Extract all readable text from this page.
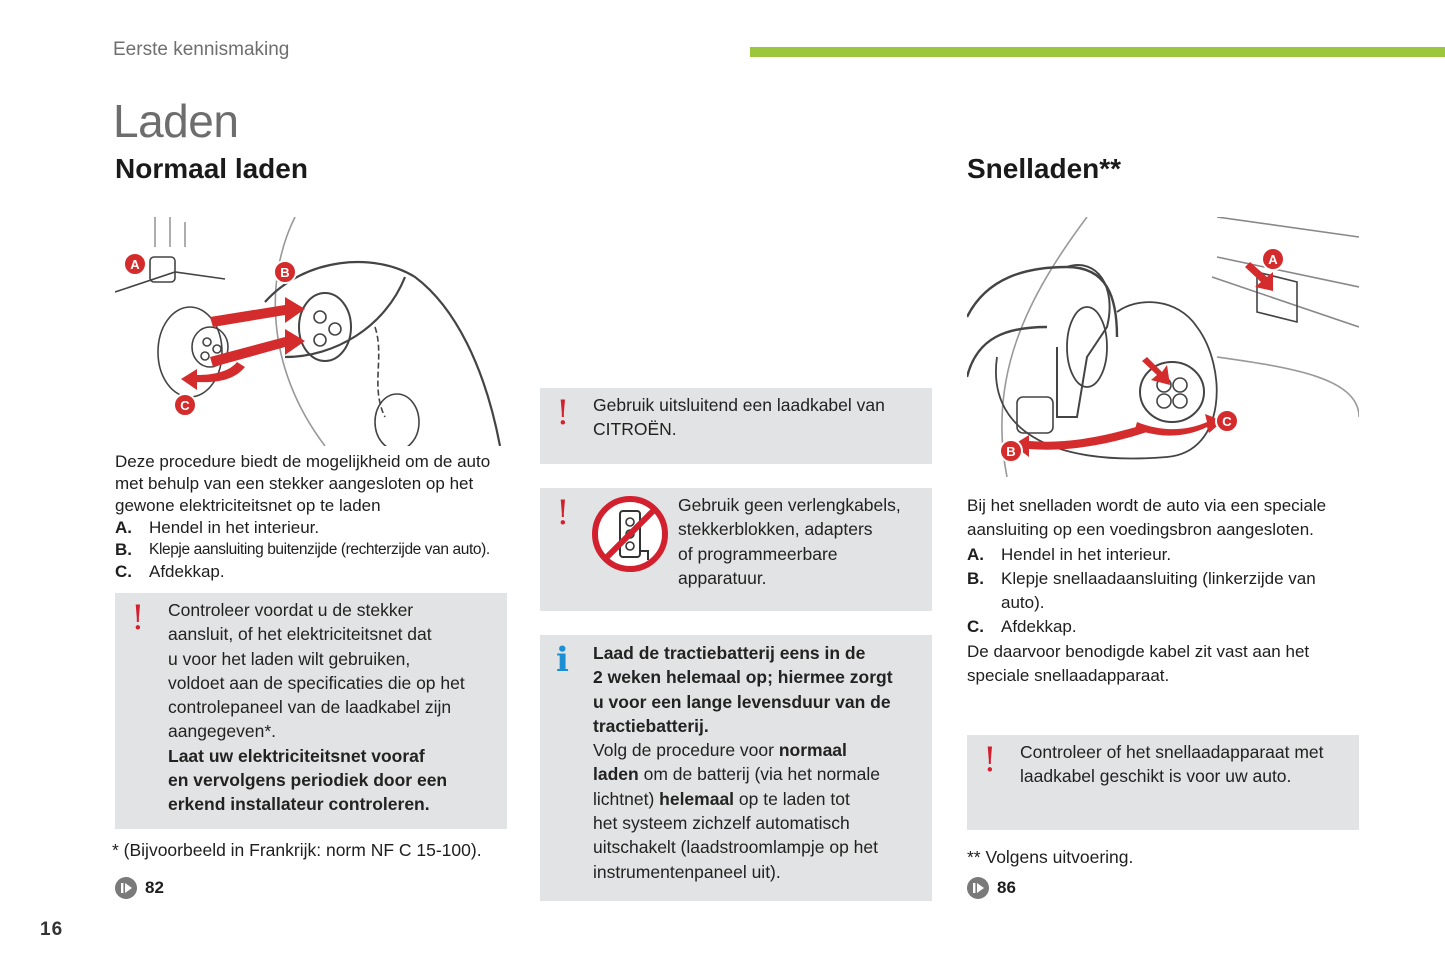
Eerste kennismaking
Laden
Normaal laden
A
B
C
Deze procedure biedt de mogelijkheid om de auto
met behulp van een stekker aangesloten op het
gewone elektriciteitsnet op te laden
A.	Hendel in het interieur.
B.	Klepje aansluiting buitenzijde (rechterzijde van auto).
C.	Afdekkap.
! Controleer voordat u de stekker
aansluit, of het elektriciteitsnet dat
u voor het laden wilt gebruiken,
voldoet aan de specificaties die op het
controlepaneel van de laadkabel zijn
aangegeven*.
Laat uw elektriciteitsnet vooraf
en vervolgens periodiek door een
erkend installateur controleren.
* (Bijvoorbeeld in Frankrijk: norm NF C 15-100).
82
! Gebruik uitsluitend een laadkabel van
CITROËN.
!	Gebruik geen verlengkabels,
stekkerblokken, adapters
of programmeerbare
apparatuur.
i Laad de tractiebatterij eens in de
2 weken helemaal op; hiermee zorgt
u voor een lange levensduur van de
tractiebatterij.
Volg de procedure voor normaal
laden om de batterij (via het normale
lichtnet) helemaal op te laden tot
het systeem zichzelf automatisch
uitschakelt (laadstroomlampje op het
instrumentenpaneel uit).
Snelladen**
A
B
C
Bij het snelladen wordt de auto via een speciale
aansluiting op een voedingsbron aangesloten.
A.	Hendel in het interieur.
B.	Klepje snellaadaansluiting (linkerzijde van auto).
C.	Afdekkap.
De daarvoor benodigde kabel zit vast aan het
speciale snellaadapparaat.
! Controleer of het snellaadapparaat met
laadkabel geschikt is voor uw auto.
** Volgens uitvoering.
86
16
